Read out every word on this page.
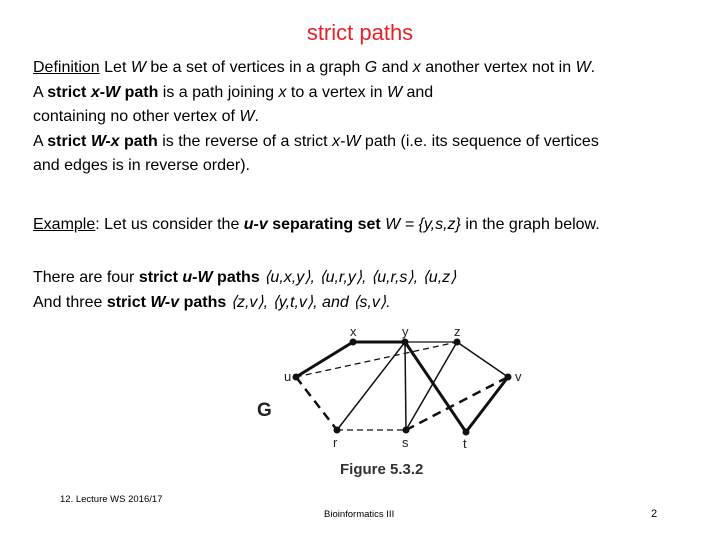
strict paths
Definition Let W be a set of vertices in a graph G and x another vertex not in W.
A strict x-W path is a path joining x to a vertex in W and
containing no other vertex of W.
A strict W-x path is the reverse of a strict x-W path (i.e. its sequence of vertices
and edges is in reverse order).
Example: Let us consider the u-v separating set W = {y,s,z} in the graph below.
There are four strict u-W paths ⟨u,x,y⟩, ⟨u,r,y⟩, ⟨u,r,s⟩, ⟨u,z⟩
And three strict W-v paths ⟨z,v⟩, ⟨y,t,v⟩, and ⟨s,v⟩.
x	y	z
u	v
r	s	t
G
Figure 5.3.2
12. Lecture WS 2016/17
Bioinformatics III	2
